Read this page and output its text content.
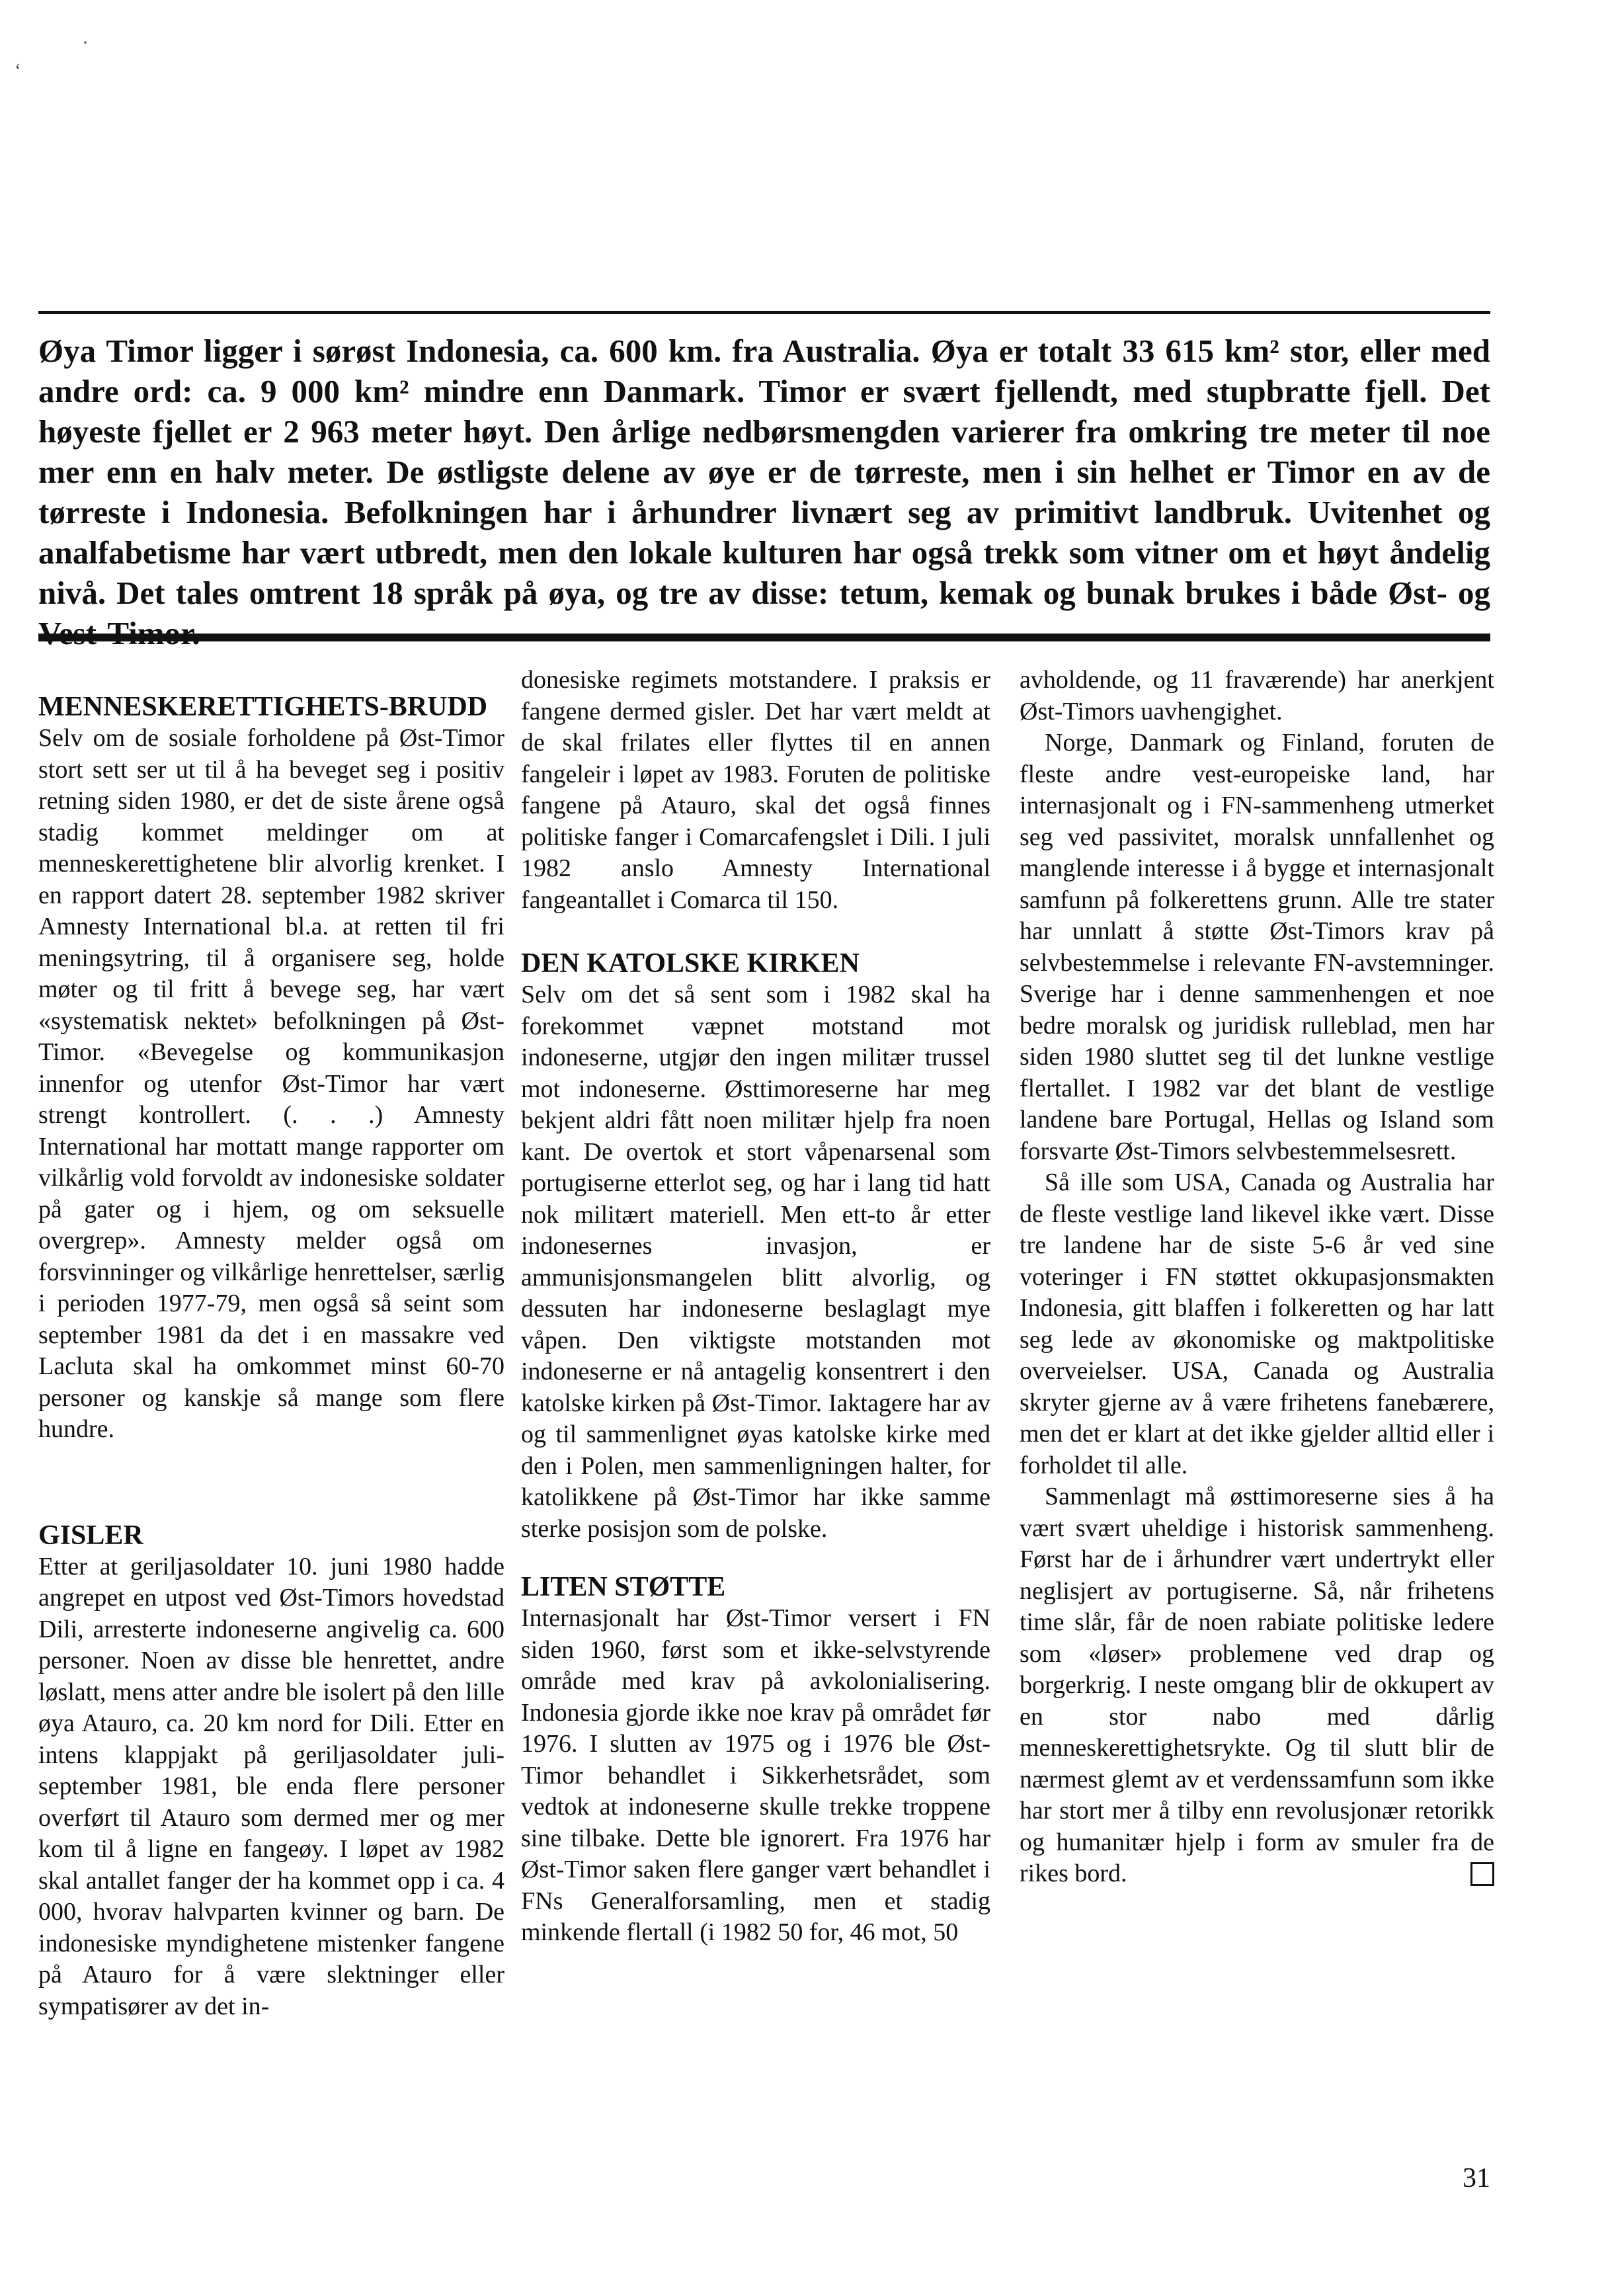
Øya Timor ligger i sørøst Indonesia, ca. 600 km. fra Australia. Øya er totalt 33 615 km² stor, eller med andre ord: ca. 9 000 km² mindre enn Danmark. Timor er svært fjellendt, med stupbratte fjell. Det høyeste fjellet er 2 963 meter høyt. Den årlige nedbørsmengden varierer fra omkring tre meter til noe mer enn en halv meter. De østligste delene av øye er de tørreste, men i sin helhet er Timor en av de tørreste i Indonesia. Befolkningen har i århundrer livnært seg av primitivt landbruk. Uvitenhet og analfabetisme har vært utbredt, men den lokale kulturen har også trekk som vitner om et høyt åndelig nivå. Det tales omtrent 18 språk på øya, og tre av disse: tetum, kemak og bunak brukes i både Øst- og

MENNESKERETTIGHETS-BRUDD

Selv om de sosiale forholdene på Øst-Timor stort sett ser ut til å ha beveget seg i positiv retning siden 1980, er det de siste årene også stadig kommet meldinger om at menneskerettighetene blir alvorlig krenket. I en rapport datert 28. september 1982 skriver Amnesty International bl.a. at retten til fri meningsytring, til å organisere seg, holde møter og til fritt å bevege seg, har vært «systematisk nektet» befolkningen på Øst-Timor. «Bevegelse og kommunikasjon innenfor og utenfor Øst-Timor har vært strengt kontrollert. (. . .) Amnesty International har mottatt mange rapporter om vilkårlig vold forvoldt av indonesiske soldater på gater og i hjem, og om seksuelle overgrep». Amnesty melder også om forsvinninger og vilkårlige henrettelser, særlig i perioden 1977-79, men også så seint som september 1981 da det i en massakre ved Lacluta skal ha omkommet minst 60-70 personer og kanskje så mange som flere hundre.

GISLER

Etter at geriljasoldater 10. juni 1980 hadde angrepet en utpost ved Øst-Timors hovedstad Dili, arresterte indoneserne angivelig ca. 600 personer. Noen av disse ble henrettet, andre løslatt, mens atter andre ble isolert på den lille øya Atauro, ca. 20 km nord for Dili. Etter en intens klappjakt på geriljasoldater juli-september 1981, ble enda flere personer overført til Atauro som dermed mer og mer kom til å ligne en fangeøy. I løpet av 1982 skal antallet fanger der ha kommet opp i ca. 4 000, hvorav halvparten kvinner og barn. De indonesiske myndighetene mistenker fangene på Atauro for å være slektninger eller sympatisører av det in-

donesiske regimets motstandere. I praksis er fangene dermed gisler. Det har vært meldt at de skal frilates eller flyttes til en annen fangeleir i løpet av 1983. Foruten de politiske fangene på Atauro, skal det også finnes politiske fanger i Comarcafengslet i Dili. I juli 1982 anslo Amnesty International fangeantallet i Comarca til 150.

DEN KATOLSKE KIRKEN

Selv om det så sent som i 1982 skal ha forekommet væpnet motstand mot indoneserne, utgjør den ingen militær trussel mot indoneserne. Østtimoreserne har meg bekjent aldri fått noen militær hjelp fra noen kant. De overtok et stort våpenarsenal som portugiserne etterlot seg, og har i lang tid hatt nok militært materiell. Men ett-to år etter indonesernes invasjon, er ammunisjonsmangelen blitt alvorlig, og dessuten har indoneserne beslaglagt mye våpen. Den viktigste motstanden mot indoneserne er nå antagelig konsentrert i den katolske kirken på Øst-Timor. Iaktagere har av og til sammenlignet øyas katolske kirke med den i Polen, men sammenligningen halter, for katolikkene på Øst-Timor har ikke samme sterke posisjon som de polske.

LITEN STØTTE

Internasjonalt har Øst-Timor versert i FN siden 1960, først som et ikke-selvstyrende område med krav på avkolonialisering. Indonesia gjorde ikke noe krav på området før 1976. I slutten av 1975 og i 1976 ble Øst-Timor behandlet i Sikkerhetsrådet, som vedtok at indoneserne skulle trekke troppene sine tilbake. Dette ble ignorert. Fra 1976 har Øst-Timor saken flere ganger vært behandlet i FNs Generalforsamling, men et stadig minkende flertall (i 1982 50 for, 46 mot, 50

avholdende, og 11 fraværende) har anerkjent Øst-Timors uavhengighet.

Norge, Danmark og Finland, foruten de fleste andre vest-europeiske land, har internasjonalt og i FN-sammenheng utmerket seg ved passivitet, moralsk unnfallenhet og manglende interesse i å bygge et internasjonalt samfunn på folkerettens grunn. Alle tre stater har unnlatt å støtte Øst-Timors krav på selvbestemmelse i relevante FN-avstemninger. Sverige har i denne sammenhengen et noe bedre moralsk og juridisk rulleblad, men har siden 1980 sluttet seg til det lunkne vestlige flertallet. I 1982 var det blant de vestlige landene bare Portugal, Hellas og Island som forsvarte Øst-Timors selvbestemmelsesrett.

Så ille som USA, Canada og Australia har de fleste vestlige land likevel ikke vært. Disse tre landene har de siste 5-6 år ved sine voteringer i FN støttet okkupasjonsmakten Indonesia, gitt blaffen i folkeretten og har latt seg lede av økonomiske og maktpolitiske overveielser. USA, Canada og Australia skryter gjerne av å være frihetens fanebærere, men det er klart at det ikke gjelder alltid eller i forholdet til alle.

Sammenlagt må østtimoreserne sies å ha vært svært uheldige i historisk sammenheng. Først har de i århundrer vært undertrykt eller neglisjert av portugiserne. Så, når frihetens time slår, får de noen rabiate politiske ledere som «løser» problemene ved drap og borgerkrig. I neste omgang blir de okkupert av en stor nabo med dårlig menneskerettighetsrykte. Og til slutt blir de nærmest glemt av et verdenssamfunn som ikke har stort mer å tilby enn revolusjonær retorikk og humanitær hjelp i form av smuler fra de rikes bord.

31
‘
·
